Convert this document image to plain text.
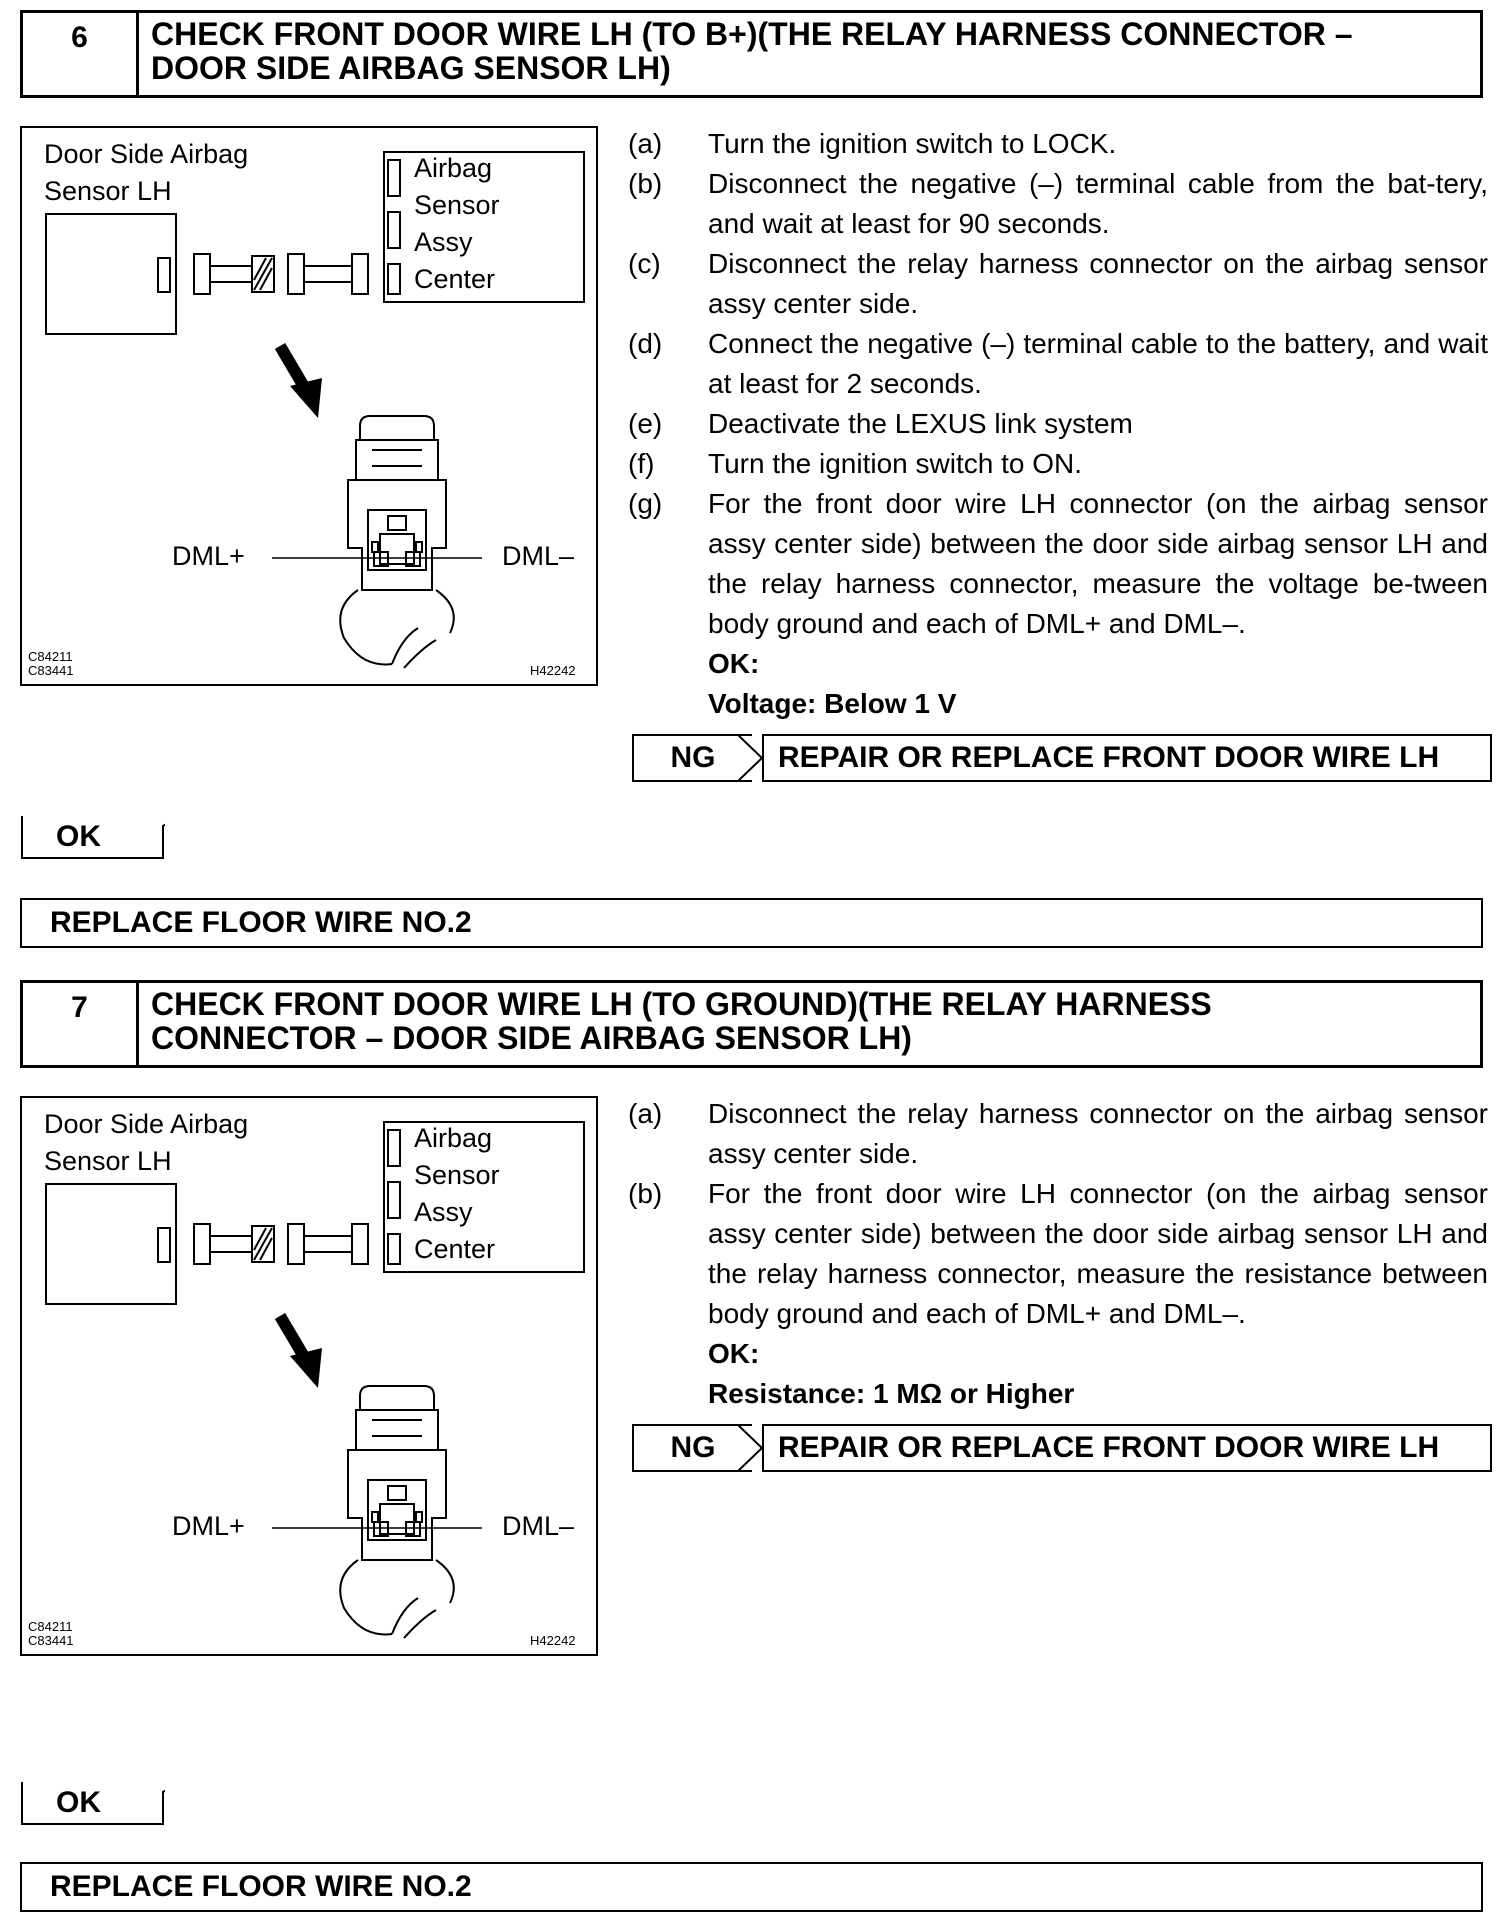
6	CHECK FRONT DOOR WIRE LH (TO B+)(THE RELAY HARNESS CONNECTOR –
DOOR SIDE AIRBAG SENSOR LH)
Door Side Airbag
Sensor LH
Airbag
Sensor
Assy
Center
DML+	DML–
C84211
C83441	H42242
(a)	Turn the ignition switch to LOCK.
(b)	Disconnect the negative (–) terminal cable from the bat-tery, and wait at least for 90 seconds.
(c)	Disconnect the relay harness connector on the airbag sensor assy center side.
(d)	Connect the negative (–) terminal cable to the battery, and wait at least for 2 seconds.
(e)	Deactivate the LEXUS link system
(f)	Turn the ignition switch to ON.
(g)	For the front door wire LH connector (on the airbag sensor assy center side) between the door side airbag sensor LH and the relay harness connector, measure the voltage be-tween body ground and each of DML+ and DML–.
OK:
Voltage: Below 1 V
NG	REPAIR OR REPLACE FRONT DOOR WIRE LH
OK
REPLACE FLOOR WIRE NO.2
7	CHECK FRONT DOOR WIRE LH (TO GROUND)(THE RELAY HARNESS
CONNECTOR – DOOR SIDE AIRBAG SENSOR LH)
Door Side Airbag
Sensor LH
Airbag
Sensor
Assy
Center
DML+	DML–
C84211
C83441	H42242
(a)	Disconnect the relay harness connector on the airbag sensor assy center side.
(b)	For the front door wire LH connector (on the airbag sensor assy center side) between the door side airbag sensor LH and the relay harness connector, measure the resistance between body ground and each of DML+ and DML–.
OK:
Resistance: 1 MΩ or Higher
NG	REPAIR OR REPLACE FRONT DOOR WIRE LH
OK
REPLACE FLOOR WIRE NO.2
